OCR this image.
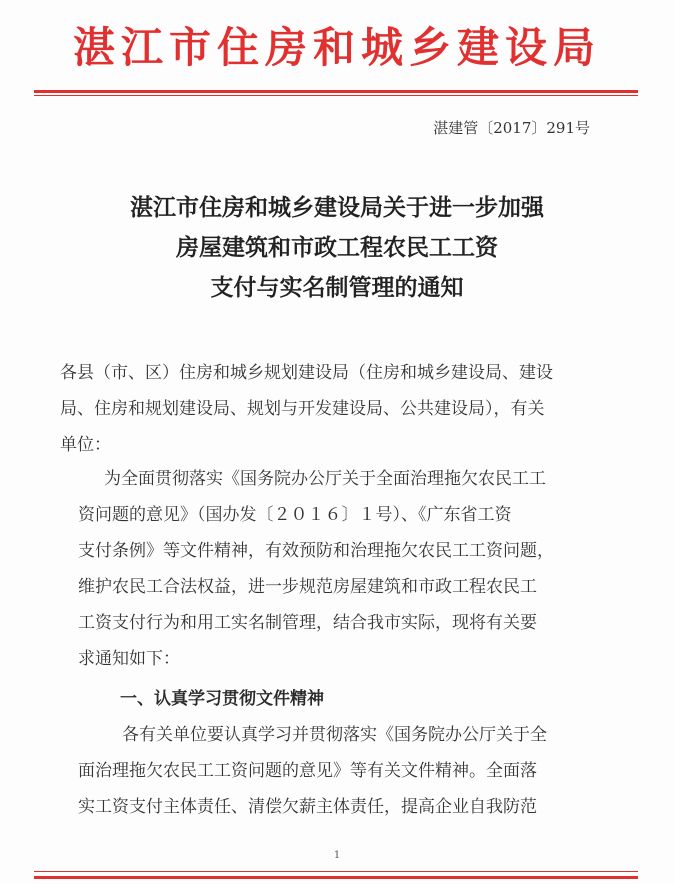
湛江市住房和城乡建设局
湛建管〔2017〕291号
湛江市住房和城乡建设局关于进一步加强
房屋建筑和市政工程农民工工资
支付与实名制管理的通知
各县（市、区）住房和城乡规划建设局（住房和城乡建设局、建设
局、住房和规划建设局、规划与开发建设局、公共建设局），有关
单位：
为全面贯彻落实《国务院办公厅关于全面治理拖欠农民工工
资问题的意见》（国办发〔２０１６〕１号）、《广东省工资
支付条例》等文件精神，有效预防和治理拖欠农民工工资问题，
维护农民工合法权益，进一步规范房屋建筑和市政工程农民工
工资支付行为和用工实名制管理，结合我市实际，现将有关要
求通知如下：
一、认真学习贯彻文件精神
各有关单位要认真学习并贯彻落实《国务院办公厅关于全
面治理拖欠农民工工资问题的意见》等有关文件精神。全面落
实工资支付主体责任、清偿欠薪主体责任，提高企业自我防范
1
